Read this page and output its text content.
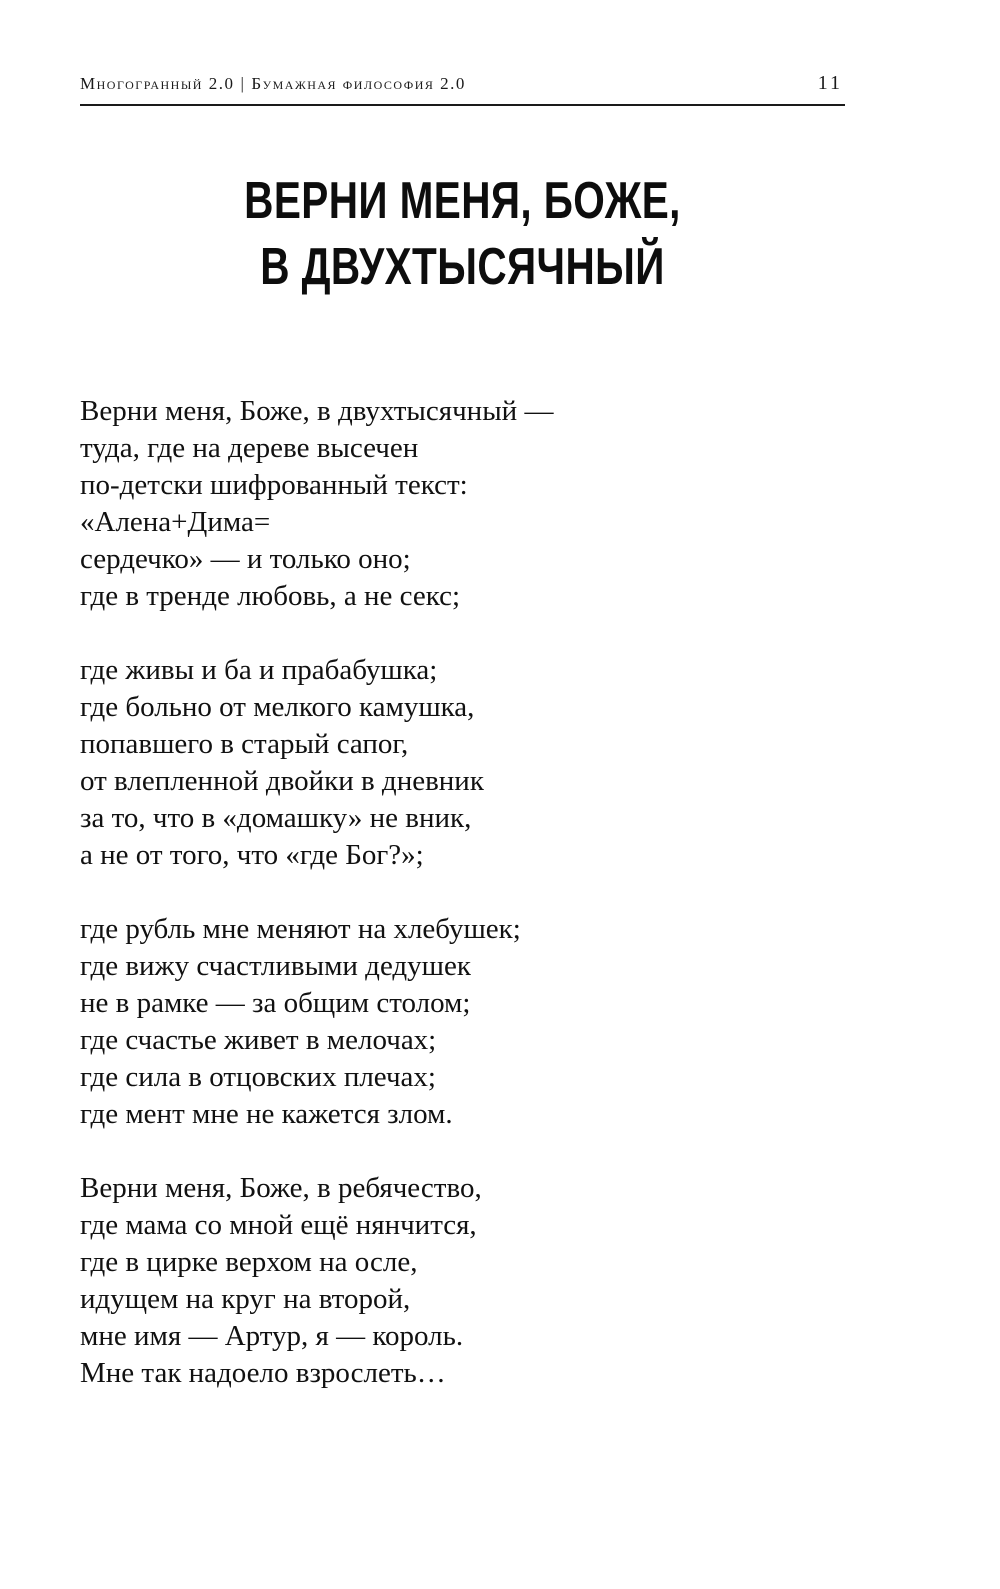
Многогранный 2.0 | Бумажная философия 2.0	11
ВЕРНИ МЕНЯ, БОЖЕ,
В ДВУХТЫСЯЧНЫЙ
Верни меня, Боже, в двухтысячный —
туда, где на дереве высечен
по-детски шифрованный текст:
«Алена+Дима=
сердечко» — и только оно;
где в тренде любовь, а не секс;
где живы и ба и прабабушка;
где больно от мелкого камушка,
попавшего в старый сапог,
от влепленной двойки в дневник
за то, что в «домашку» не вник,
а не от того, что «где Бог?»;
где рубль мне меняют на хлебушек;
где вижу счастливыми дедушек
не в рамке — за общим столом;
где счастье живет в мелочах;
где сила в отцовских плечах;
где мент мне не кажется злом.
Верни меня, Боже, в ребячество,
где мама со мной ещё нянчится,
где в цирке верхом на осле,
идущем на круг на второй,
мне имя — Артур, я — король.
Мне так надоело взрослеть…
